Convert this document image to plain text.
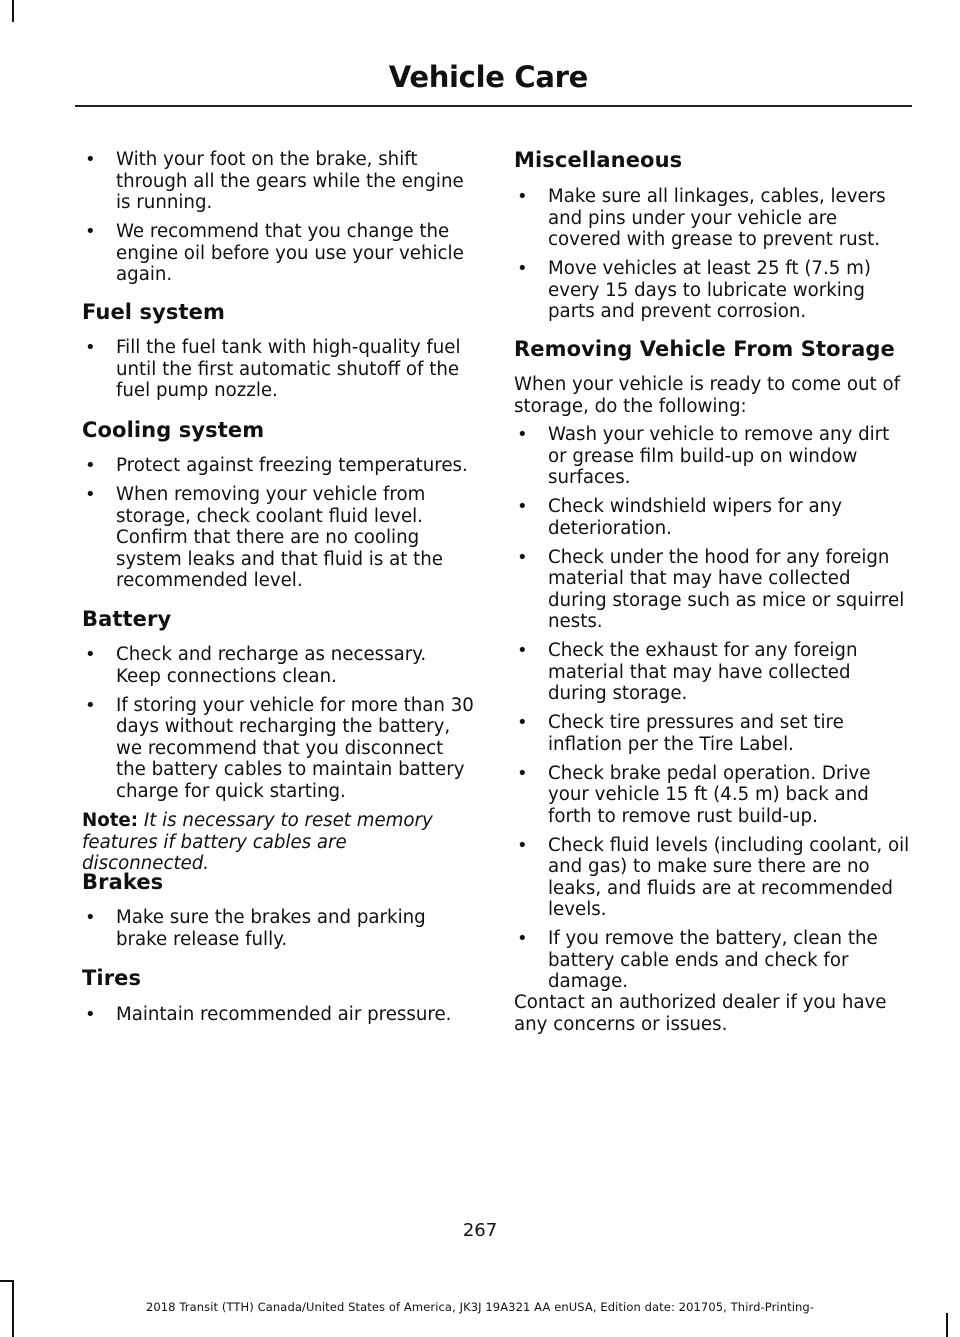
Vehicle Care
• With your foot on the brake, shift through all the gears while the engine is running.
• We recommend that you change the engine oil before you use your vehicle again.
Fuel system
• Fill the fuel tank with high-quality fuel until the first automatic shutoff of the fuel pump nozzle.
Cooling system
• Protect against freezing temperatures.
• When removing your vehicle from storage, check coolant fluid level. Confirm that there are no cooling system leaks and that fluid is at the recommended level.
Battery
• Check and recharge as necessary. Keep connections clean.
• If storing your vehicle for more than 30 days without recharging the battery, we recommend that you disconnect the battery cables to maintain battery charge for quick starting.

Note: It is necessary to reset memory features if battery cables are disconnected.

Brakes
• Make sure the brakes and parking brake release fully.
Tires
• Maintain recommended air pressure.
Miscellaneous
• Make sure all linkages, cables, levers and pins under your vehicle are covered with grease to prevent rust.
• Move vehicles at least 25 ft (7.5 m) every 15 days to lubricate working parts and prevent corrosion.
Removing Vehicle From Storage

When your vehicle is ready to come out of storage, do the following:

• Wash your vehicle to remove any dirt or grease film build-up on window surfaces.
• Check windshield wipers for any deterioration.
• Check under the hood for any foreign material that may have collected during storage such as mice or squirrel nests.
• Check the exhaust for any foreign material that may have collected during storage.
• Check tire pressures and set tire inflation per the Tire Label.
• Check brake pedal operation. Drive your vehicle 15 ft (4.5 m) back and forth to remove rust build-up.
• Check fluid levels (including coolant, oil and gas) to make sure there are no leaks, and fluids are at recommended levels.
• If you remove the battery, clean the battery cable ends and check for damage.

Contact an authorized dealer if you have any concerns or issues.

267
2018 Transit (TTH) Canada/United States of America, JK3J 19A321 AA enUSA, Edition date: 201705, Third-Printing-
